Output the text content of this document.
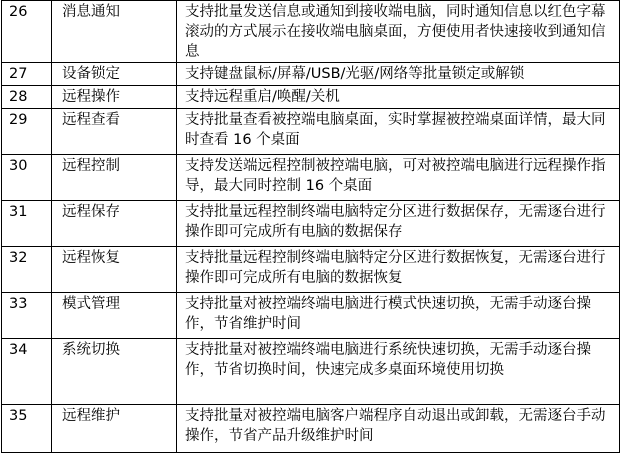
26	消息通知	支持批量发送信息或通知到接收端电脑，同时通知信息以红色字幕滚动的方式展示在接收端电脑桌面，方便使用者快速接收到通知信息
27	设备锁定	支持键盘鼠标/屏幕/USB/光驱/网络等批量锁定或解锁
28	远程操作	支持远程重启/唤醒/关机
29	远程查看	支持批量查看被控端电脑桌面，实时掌握被控端桌面详情，最大同时查看 16 个桌面
30	远程控制	支持发送端远程控制被控端电脑，可对被控端电脑进行远程操作指导，最大同时控制 16 个桌面
31	远程保存	支持批量远程控制终端电脑特定分区进行数据保存，无需逐台进行操作即可完成所有电脑的数据保存
32	远程恢复	支持批量远程控制终端电脑特定分区进行数据恢复，无需逐台进行操作即可完成所有电脑的数据恢复
33	模式管理	支持批量对被控端终端电脑进行模式快速切换，无需手动逐台操作，节省维护时间
34	系统切换	支持批量对被控端终端电脑进行系统快速切换，无需手动逐台操作，节省切换时间，快速完成多桌面环境使用切换
35	远程维护	支持批量对被控端电脑客户端程序自动退出或卸载，无需逐台手动操作，节省产品升级维护时间
